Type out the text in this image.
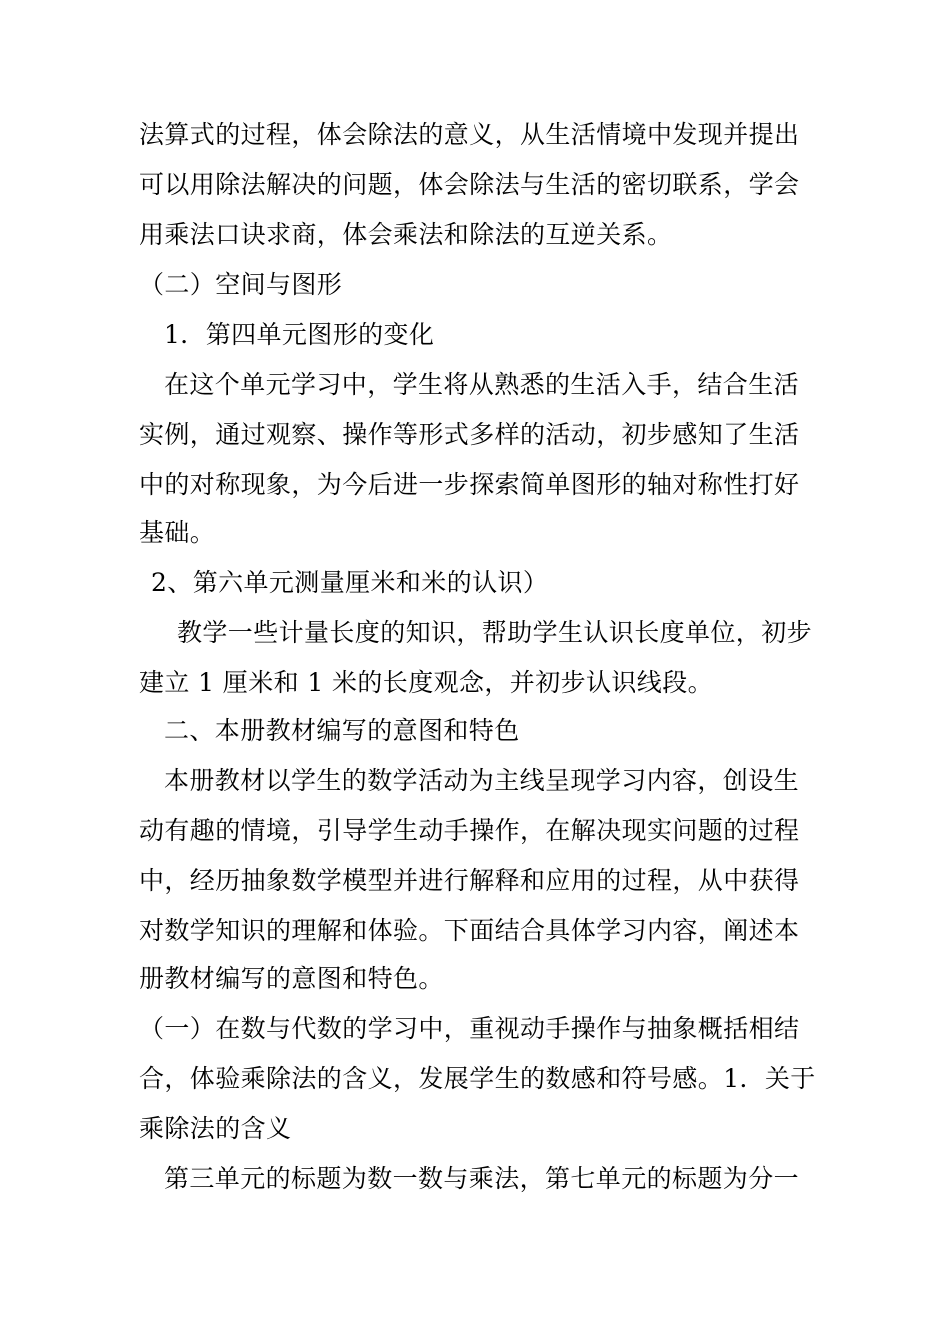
法算式的过程，体会除法的意义，从生活情境中发现并提出
可以用除法解决的问题，体会除法与生活的密切联系，学会
用乘法口诀求商，体会乘法和除法的互逆关系。
（二）空间与图形
1．第四单元图形的变化
在这个单元学习中，学生将从熟悉的生活入手，结合生活
实例，通过观察、操作等形式多样的活动，初步感知了生活
中的对称现象，为今后进一步探索简单图形的轴对称性打好
基础。
2、第六单元测量厘米和米的认识）
教学一些计量长度的知识，帮助学生认识长度单位，初步
建立 1 厘米和 1 米的长度观念，并初步认识线段。
二、本册教材编写的意图和特色
本册教材以学生的数学活动为主线呈现学习内容，创设生
动有趣的情境，引导学生动手操作，在解决现实问题的过程
中，经历抽象数学模型并进行解释和应用的过程，从中获得
对数学知识的理解和体验。下面结合具体学习内容，阐述本
册教材编写的意图和特色。
（一）在数与代数的学习中，重视动手操作与抽象概括相结
合，体验乘除法的含义，发展学生的数感和符号感。1．关于
乘除法的含义
第三单元的标题为数一数与乘法，第七单元的标题为分一
